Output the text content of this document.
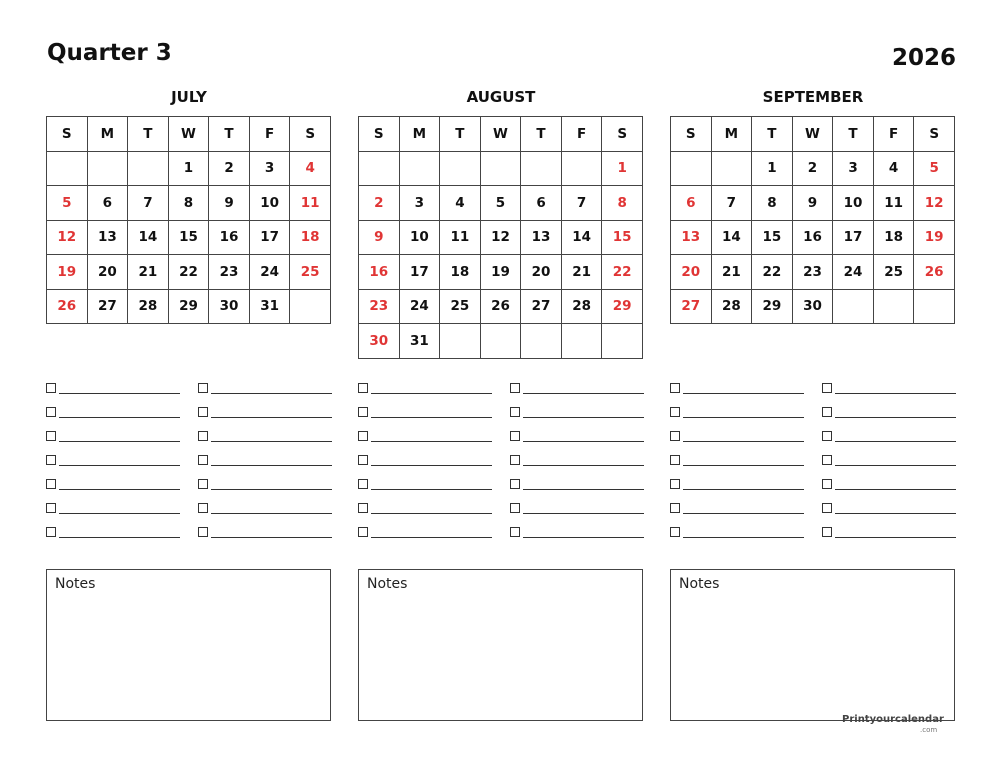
Quarter 3	2026
JULY
S	M	T	W	T	F	S
			1	2	3	4
5	6	7	8	9	10	11
12	13	14	15	16	17	18
19	20	21	22	23	24	25
26	27	28	29	30	31	
AUGUST
S	M	T	W	T	F	S
						1
2	3	4	5	6	7	8
9	10	11	12	13	14	15
16	17	18	19	20	21	22
23	24	25	26	27	28	29
30	31					
SEPTEMBER
S	M	T	W	T	F	S
		1	2	3	4	5
6	7	8	9	10	11	12
13	14	15	16	17	18	19
20	21	22	23	24	25	26
27	28	29	30			
Notes	Notes	Notes
Printyourcalendar
.com
